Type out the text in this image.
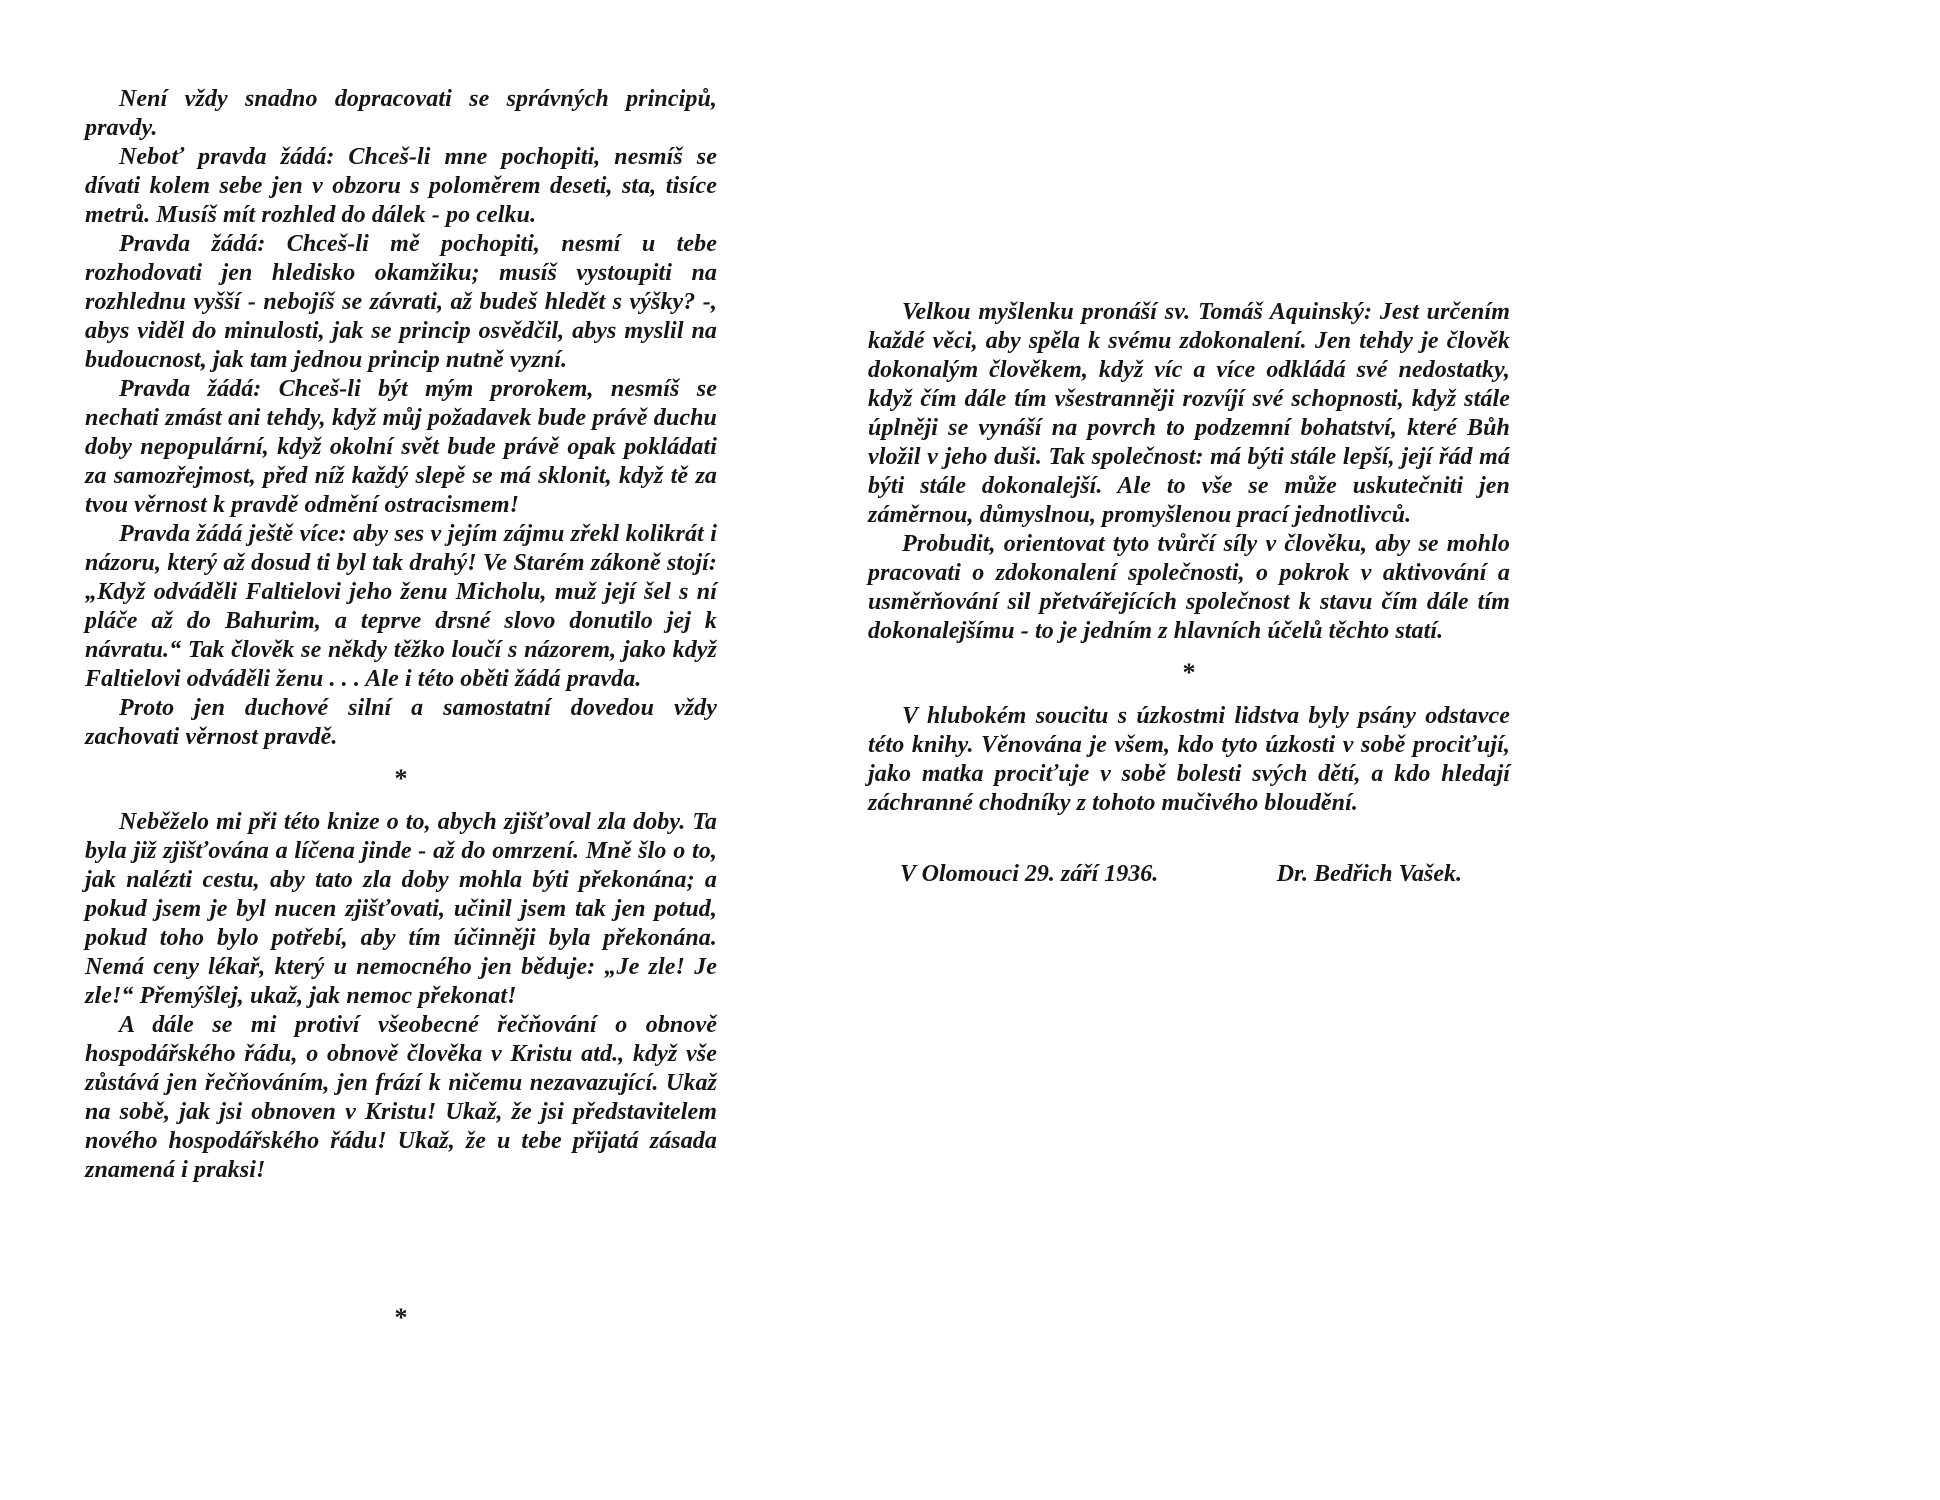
Není vždy snadno dopracovati se správných principů, pravdy.

Neboť pravda žádá: Chceš-li mne pochopiti, nesmíš se dívati kolem sebe jen v obzoru s poloměrem deseti, sta, tisíce metrů. Musíš mít rozhled do dálek - po celku.

Pravda žádá: Chceš-li mě pochopiti, nesmí u tebe rozhodovati jen hledisko okamžiku; musíš vystoupiti na rozhlednu vyšší - nebojíš se závrati, až budeš hledět s výšky? -, abys viděl do minulosti, jak se princip osvědčil, abys myslil na budoucnost, jak tam jednou princip nutně vyzní.

Pravda žádá: Chceš-li být mým prorokem, nesmíš se nechati zmást ani tehdy, když můj požadavek bude právě duchu doby nepopulární, když okolní svět bude právě opak pokládati za samozřejmost, před níž každý slepě se má sklonit, když tě za tvou věrnost k pravdě odmění ostracismem!

Pravda žádá ještě více: aby ses v jejím zájmu zřekl kolikrát i názoru, který až dosud ti byl tak drahý! Ve Starém zákoně stojí: „Když odváděli Faltielovi jeho ženu Micholu, muž její šel s ní pláče až do Bahurim, a teprve drsné slovo donutilo jej k návratu.“ Tak člověk se někdy těžko loučí s názorem, jako když Faltielovi odváděli ženu . . . Ale i této oběti žádá pravda.

Proto jen duchové silní a samostatní dovedou vždy zachovati věrnost pravdě.

*

Neběželo mi při této knize o to, abych zjišťoval zla doby. Ta byla již zjišťována a líčena jinde - až do omrzení. Mně šlo o to, jak nalézti cestu, aby tato zla doby mohla býti překonána; a pokud jsem je byl nucen zjišťovati, učinil jsem tak jen potud, pokud toho bylo potřebí, aby tím účinněji byla překonána. Nemá ceny lékař, který u nemocného jen běduje: „Je zle! Je zle!“ Přemýšlej, ukaž, jak nemoc překonat!

A dále se mi protiví všeobecné řečňování o obnově hospodářského řádu, o obnově člověka v Kristu atd., když vše zůstává jen řečňováním, jen frází k ničemu nezavazující. Ukaž na sobě, jak jsi obnoven v Kristu! Ukaž, že jsi představitelem nového hospodářského řádu! Ukaž, že u tebe přijatá zásada znamená i praksi!

*

Velkou myšlenku pronáší sv. Tomáš Aquinský: Jest určením každé věci, aby spěla k svému zdokonalení. Jen tehdy je člověk dokonalým člověkem, když víc a více odkládá své nedostatky, když čím dále tím všestranněji rozvíjí své schopnosti, když stále úplněji se vynáší na povrch to podzemní bohatství, které Bůh vložil v jeho duši. Tak společnost: má býti stále lepší, její řád má býti stále dokonalejší. Ale to vše se může uskutečniti jen záměrnou, důmyslnou, promyšlenou prací jednotlivců.

Probudit, orientovat tyto tvůrčí síly v člověku, aby se mohlo pracovati o zdokonalení společnosti, o pokrok v aktivování a usměrňování sil přetvářejících společnost k stavu čím dále tím dokonalejšímu - to je jedním z hlavních účelů těchto statí.

*

V hlubokém soucitu s úzkostmi lidstva byly psány odstavce této knihy. Věnována je všem, kdo tyto úzkosti v sobě prociťují, jako matka prociťuje v sobě bolesti svých dětí, a kdo hledají záchranné chodníky z tohoto mučivého bloudění.

V Olomouci 29. září 1936.	Dr. Bedřich Vašek.
